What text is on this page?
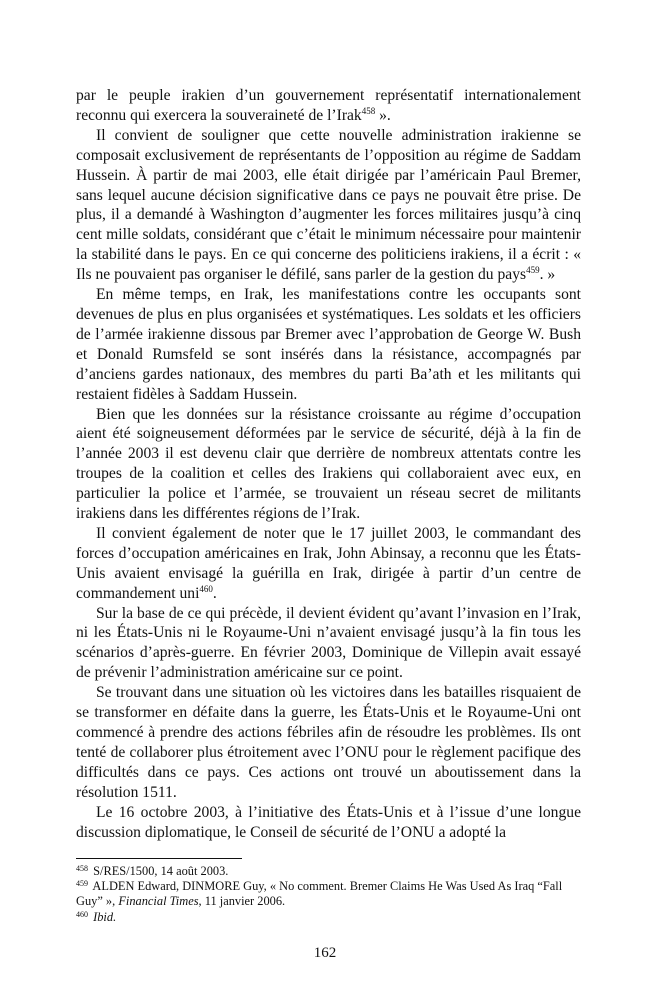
par le peuple irakien d’un gouvernement représentatif internationalement reconnu qui exercera la souveraineté de l’Irak$^{458}$ ».

Il convient de souligner que cette nouvelle administration irakienne se composait exclusivement de représentants de l’opposition au régime de Saddam Hussein. À partir de mai 2003, elle était dirigée par l’américain Paul Bremer, sans lequel aucune décision significative dans ce pays ne pouvait être prise. De plus, il a demandé à Washington d’augmenter les forces militaires jusqu’à cinq cent mille soldats, considérant que c’était le minimum nécessaire pour maintenir la stabilité dans le pays. En ce qui concerne des politiciens irakiens, il a écrit : « Ils ne pouvaient pas organiser le défilé, sans parler de la gestion du pays$^{459}$. »

En même temps, en Irak, les manifestations contre les occupants sont devenues de plus en plus organisées et systématiques. Les soldats et les officiers de l’armée irakienne dissous par Bremer avec l’approbation de George W. Bush et Donald Rumsfeld se sont insérés dans la résistance, accompagnés par d’anciens gardes nationaux, des membres du parti Ba’ath et les militants qui restaient fidèles à Saddam Hussein.

Bien que les données sur la résistance croissante au régime d’occupation aient été soigneusement déformées par le service de sécurité, déjà à la fin de l’année 2003 il est devenu clair que derrière de nombreux attentats contre les troupes de la coalition et celles des Irakiens qui collaboraient avec eux, en particulier la police et l’armée, se trouvaient un réseau secret de militants irakiens dans les différentes régions de l’Irak.

Il convient également de noter que le 17 juillet 2003, le commandant des forces d’occupation américaines en Irak, John Abinsay, a reconnu que les États-Unis avaient envisagé la guérilla en Irak, dirigée à partir d’un centre de commandement uni$^{460}$.

Sur la base de ce qui précède, il devient évident qu’avant l’invasion en l’Irak, ni les États-Unis ni le Royaume-Uni n’avaient envisagé jusqu’à la fin tous les scénarios d’après-guerre. En février 2003, Dominique de Villepin avait essayé de prévenir l’administration américaine sur ce point.

Se trouvant dans une situation où les victoires dans les batailles risquaient de se transformer en défaite dans la guerre, les États-Unis et le Royaume-Uni ont commencé à prendre des actions fébriles afin de résoudre les problèmes. Ils ont tenté de collaborer plus étroitement avec l’ONU pour le règlement pacifique des difficultés dans ce pays. Ces actions ont trouvé un aboutissement dans la résolution 1511.

Le 16 octobre 2003, à l’initiative des États-Unis et à l’issue d’une longue discussion diplomatique, le Conseil de sécurité de l’ONU a adopté la

$^{458}$ S/RES/1500, 14 août 2003.

$^{459}$ ALDEN Edward, DINMORE Guy, « No comment. Bremer Claims He Was Used As Iraq “Fall Guy” », Financial Times, 11 janvier 2006.

$^{460}$ Ibid.

162
